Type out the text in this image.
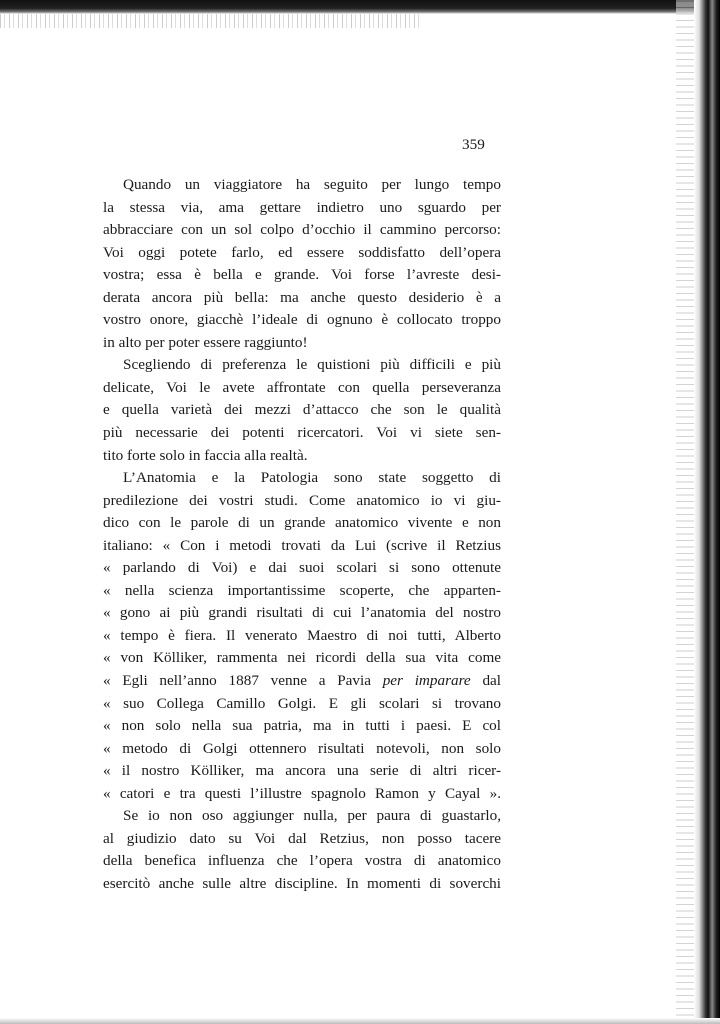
359
Quando un viaggiatore ha seguito per lungo tempo
la stessa via, ama gettare indietro uno sguardo per
abbracciare con un sol colpo d’occhio il cammino percorso:
Voi oggi potete farlo, ed essere soddisfatto dell’opera
vostra; essa è bella e grande. Voi forse l’avreste desi-
derata ancora più bella: ma anche questo desiderio è a
vostro onore, giacchè l’ideale di ognuno è collocato troppo
in alto per poter essere raggiunto!
Scegliendo di preferenza le quistioni più difficili e più
delicate, Voi le avete affrontate con quella perseveranza
e quella varietà dei mezzi d’attacco che son le qualità
più necessarie dei potenti ricercatori. Voi vi siete sen-
tito forte solo in faccia alla realtà.
L’Anatomia e la Patologia sono state soggetto di
predilezione dei vostri studi. Come anatomico io vi giu-
dico con le parole di un grande anatomico vivente e non
italiano: « Con i metodi trovati da Lui (scrive il Retzius
« parlando di Voi) e dai suoi scolari si sono ottenute
« nella scienza importantissime scoperte, che apparten-
« gono ai più grandi risultati di cui l’anatomia del nostro
« tempo è fiera. Il venerato Maestro di noi tutti, Alberto
« von Kölliker, rammenta nei ricordi della sua vita come
« Egli nell’anno 1887 venne a Pavia per imparare dal
« suo Collega Camillo Golgi. E gli scolari si trovano
« non solo nella sua patria, ma in tutti i paesi. E col
« metodo di Golgi ottennero risultati notevoli, non solo
« il nostro Kölliker, ma ancora una serie di altri ricer-
« catori e tra questi l’illustre spagnolo Ramon y Cayal ».
Se io non oso aggiunger nulla, per paura di guastarlo,
al giudizio dato su Voi dal Retzius, non posso tacere
della benefica influenza che l’opera vostra di anatomico
esercitò anche sulle altre discipline. In momenti di soverchi
